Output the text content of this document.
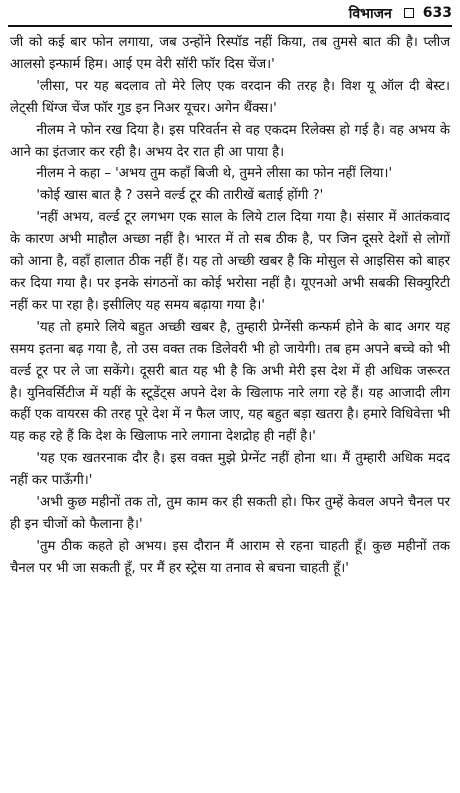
विभाजन 633

जी को कई बार फोन लगाया, जब उन्होंने रिस्पॉड नहीं किया, तब तुमसे बात की है। प्लीज आलसो इन्फार्म हिम। आई एम वेरी सॉरी फॉर दिस चेंज।'

'लीसा, पर यह बदलाव तो मेरे लिए एक वरदान की तरह है। विश यू ऑल दी बेस्ट। लेट्सी थिंग्ज चेंज फॉर गुड इन निअर यूचर। अगेन थैंक्स।'

नीलम ने फोन रख दिया है। इस परिवर्तन से वह एकदम रिलेक्स हो गई है। वह अभय के आने का इंतजार कर रही है। अभय देर रात ही आ पाया है।

नीलम ने कहा – 'अभय तुम कहाँ बिजी थे, तुमने लीसा का फोन नहीं लिया।'

'कोई खास बात है ? उसने वर्ल्ड टूर की तारीखें बताई होंगी ?'

'नहीं अभय, वर्ल्ड टूर लगभग एक साल के लिये टाल दिया गया है। संसार में आतंकवाद के कारण अभी माहौल अच्छा नहीं है। भारत में तो सब ठीक है, पर जिन दूसरे देशों से लोगों को आना है, वहाँ हालात ठीक नहीं हैं। यह तो अच्छी खबर है कि मोसुल से आइसिस को बाहर कर दिया गया है। पर इनके संगठनों का कोई भरोसा नहीं है। यूएनओ अभी सबकी सिक्युरिटी नहीं कर पा रहा है। इसीलिए यह समय बढ़ाया गया है।'

'यह तो हमारे लिये बहुत अच्छी खबर है, तुम्हारी प्रेग्नेंसी कन्फर्म होने के बाद अगर यह समय इतना बढ़ गया है, तो उस वक्त तक डिलेवरी भी हो जायेगी। तब हम अपने बच्चे को भी वर्ल्ड टूर पर ले जा सकेंगे। दूसरी बात यह भी है कि अभी मेरी इस देश में ही अधिक जरूरत है। युनिवर्सिटीज में यहीं के स्टूडेंट्स अपने देश के खिलाफ नारे लगा रहे हैं। यह आजादी लीग कहीं एक वायरस की तरह पूरे देश में न फैल जाए, यह बहुत बड़ा खतरा है। हमारे विधिवेत्ता भी यह कह रहे हैं कि देश के खिलाफ नारे लगाना देशद्रोह ही नहीं है।'

'यह एक खतरनाक दौर है। इस वक्त मुझे प्रेग्नेंट नहीं होना था। मैं तुम्हारी अधिक मदद नहीं कर पाऊँगी।'

'अभी कुछ महीनों तक तो, तुम काम कर ही सकती हो। फिर तुम्हें केवल अपने चैनल पर ही इन चीजों को फैलाना है।'

'तुम ठीक कहते हो अभय। इस दौरान मैं आराम से रहना चाहती हूँ। कुछ महीनों तक चैनल पर भी जा सकती हूँ, पर मैं हर स्ट्रेस या तनाव से बचना चाहती हूँ।'
